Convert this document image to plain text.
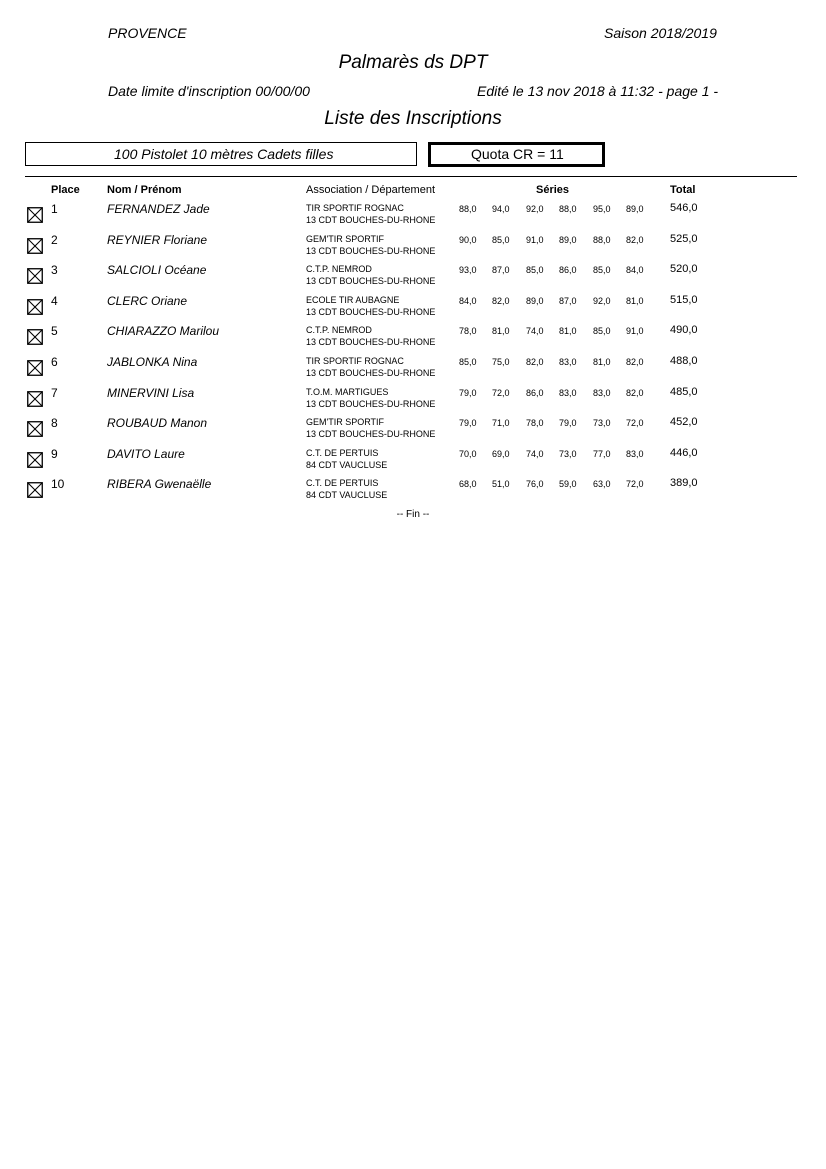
PROVENCE	Saison 2018/2019
Palmarès ds DPT
Date limite d'inscription 00/00/00	Edité le 13 nov 2018 à 11:32 - page 1 -
Liste des Inscriptions
100 Pistolet 10 mètres Cadets filles	Quota CR = 11
Place Nom / Prénom	Association / Département	Séries	Total
1	FERNANDEZ Jade	TIR SPORTIF ROGNAC
13 CDT BOUCHES-DU-RHONE
88,0 94,0 92,0 88,0 95,0 89,0 546,0
2	REYNIER Floriane	GEM'TIR SPORTIF
13 CDT BOUCHES-DU-RHONE
90,0 85,0 91,0 89,0 88,0 82,0 525,0
3	SALCIOLI Océane	C.T.P. NEMROD
13 CDT BOUCHES-DU-RHONE
93,0 87,0 85,0 86,0 85,0 84,0 520,0
4	CLERC Oriane	ECOLE TIR AUBAGNE
13 CDT BOUCHES-DU-RHONE
84,0 82,0 89,0 87,0 92,0 81,0 515,0
5	CHIARAZZO Marilou	C.T.P. NEMROD
13 CDT BOUCHES-DU-RHONE
78,0 81,0 74,0 81,0 85,0 91,0 490,0
6	JABLONKA Nina	TIR SPORTIF ROGNAC
13 CDT BOUCHES-DU-RHONE
85,0 75,0 82,0 83,0 81,0 82,0 488,0
7	MINERVINI Lisa	T.O.M. MARTIGUES
13 CDT BOUCHES-DU-RHONE
79,0 72,0 86,0 83,0 83,0 82,0 485,0
8	ROUBAUD Manon	GEM'TIR SPORTIF
13 CDT BOUCHES-DU-RHONE
79,0 71,0 78,0 79,0 73,0 72,0 452,0
9	DAVITO Laure	C.T. DE PERTUIS
84 CDT VAUCLUSE
70,0 69,0 74,0 73,0 77,0 83,0 446,0
10	RIBERA Gwenaëlle	C.T. DE PERTUIS
84 CDT VAUCLUSE
68,0 51,0 76,0 59,0 63,0 72,0 389,0
-- Fin --
